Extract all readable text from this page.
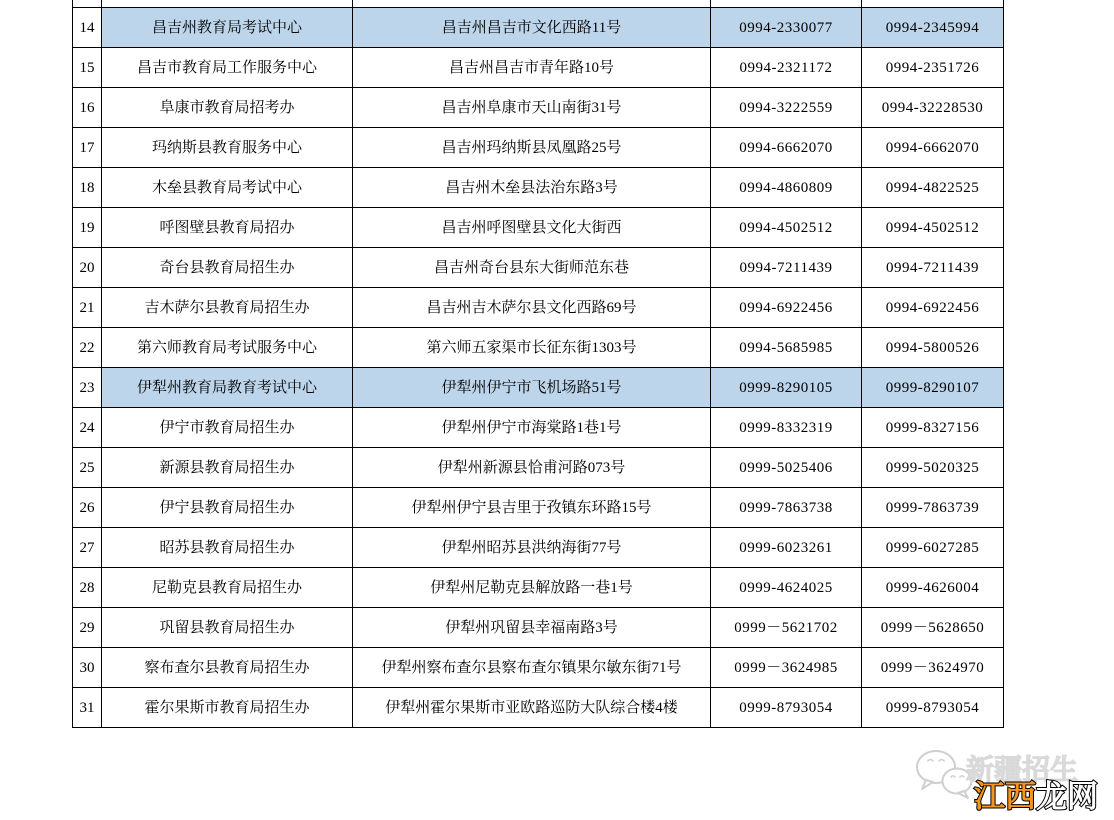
14	昌吉州教育局考试中心	昌吉州昌吉市文化西路11号	0994-2330077	0994-2345994
15	昌吉市教育局工作服务中心	昌吉州昌吉市青年路10号	0994-2321172	0994-2351726
16	阜康市教育局招考办	昌吉州阜康市天山南街31号	0994-3222559	0994-32228530
17	玛纳斯县教育服务中心	昌吉州玛纳斯县凤凰路25号	0994-6662070	0994-6662070
18	木垒县教育局考试中心	昌吉州木垒县法治东路3号	0994-4860809	0994-4822525
19	呼图壁县教育局招办	昌吉州呼图壁县文化大街西	0994-4502512	0994-4502512
20	奇台县教育局招生办	昌吉州奇台县东大街师范东巷	0994-7211439	0994-7211439
21	吉木萨尔县教育局招生办	昌吉州吉木萨尔县文化西路69号	0994-6922456	0994-6922456
22	第六师教育局考试服务中心	第六师五家渠市长征东街1303号	0994-5685985	0994-5800526
23	伊犁州教育局教育考试中心	伊犁州伊宁市飞机场路51号	0999-8290105	0999-8290107
24	伊宁市教育局招生办	伊犁州伊宁市海棠路1巷1号	0999-8332319	0999-8327156
25	新源县教育局招生办	伊犁州新源县恰甫河路073号	0999-5025406	0999-5020325
26	伊宁县教育局招生办	伊犁州伊宁县吉里于孜镇东环路15号	0999-7863738	0999-7863739
27	昭苏县教育局招生办	伊犁州昭苏县洪纳海街77号	0999-6023261	0999-6027285
28	尼勒克县教育局招生办	伊犁州尼勒克县解放路一巷1号	0999-4624025	0999-4626004
29	巩留县教育局招生办	伊犁州巩留县幸福南路3号	0999－5621702	0999－5628650
30	察布查尔县教育局招生办	伊犁州察布查尔县察布查尔镇果尔敏东街71号	0999－3624985	0999－3624970
31	霍尔果斯市教育局招生办	伊犁州霍尔果斯市亚欧路巡防大队综合楼4楼	0999-8793054	0999-8793054
新疆招生
江西龙网
